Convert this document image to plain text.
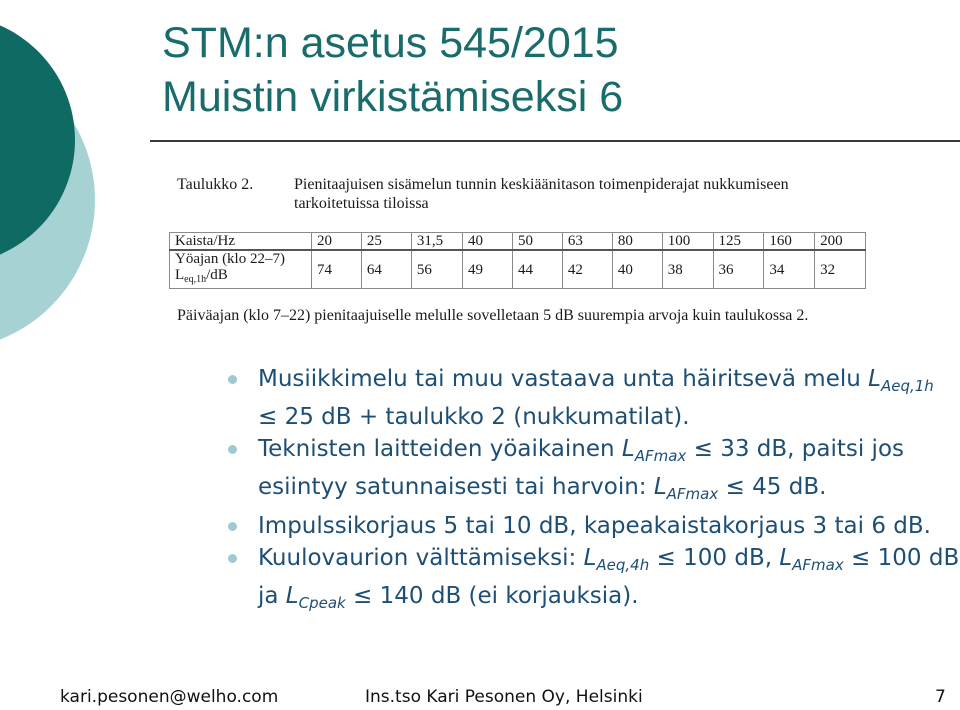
STM:n asetus 545/2015
Muistin virkistämiseksi 6
Taulukko 2.	Pienitaajuisen sisämelun tunnin keskiäänitason toimenpiderajat nukkumiseen tarkoitetuissa tiloissa
Kaista/Hz	20	25	31,5	40	50	63	80	100	125	160	200
Yöajan (klo 22–7)
$L_{eq,1h}/dB$	74	64	56	49	44	42	40	38	36	34	32
Päiväajan (klo 7–22) pienitaajuiselle melulle sovelletaan 5 dB suurempia arvoja kuin taulukossa 2.
Musiikkimelu tai muu vastaava unta häiritsevä melu $L_{Aeq,1h} \le 25$ dB + taulukko 2 (nukkumatilat).
Teknisten laitteiden yöaikainen $L_{AFmax} \le 33$ dB, paitsi jos esiintyy satunnaisesti tai harvoin: $L_{AFmax} \le 45$ dB.
Impulssikorjaus 5 tai 10 dB, kapeakaistakorjaus 3 tai 6 dB.
Kuulovaurion välttämiseksi: $L_{Aeq,4h} \le 100$ dB, $L_{AFmax} \le 100$ dB ja $L_{Cpeak} \le 140$ dB (ei korjauksia).
kari.pesonen@welho.com	Ins.tso Kari Pesonen Oy, Helsinki	7
